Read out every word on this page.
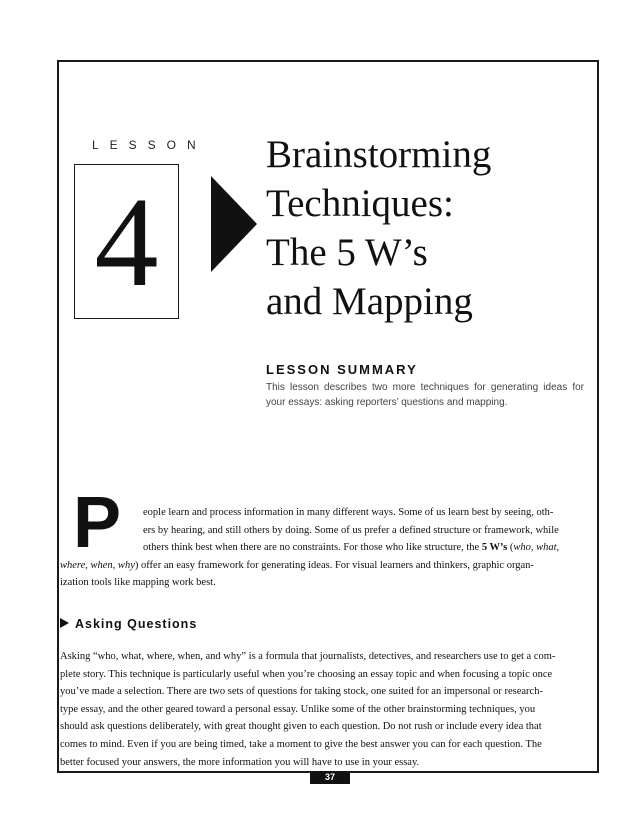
LESSON
4
Brainstorming
Techniques:
The 5 W’s
and Mapping
LESSON SUMMARY
This lesson describes two more techniques for generating ideas for your essays: asking reporters’ questions and mapping.
P	eople learn and process information in many different ways. Some of us learn best by seeing, oth-
ers by hearing, and still others by doing. Some of us prefer a defined structure or framework, while
others think best when there are no constraints. For those who like structure, the 5 W’s (who, what,
where, when, why) offer an easy framework for generating ideas. For visual learners and thinkers, graphic organ-
ization tools like mapping work best.
Asking Questions
Asking “who, what, where, when, and why” is a formula that journalists, detectives, and researchers use to get a com-
plete story. This technique is particularly useful when you’re choosing an essay topic and when focusing a topic once
you’ve made a selection. There are two sets of questions for taking stock, one suited for an impersonal or research-
type essay, and the other geared toward a personal essay. Unlike some of the other brainstorming techniques, you
should ask questions deliberately, with great thought given to each question. Do not rush or include every idea that
comes to mind. Even if you are being timed, take a moment to give the best answer you can for each question. The
better focused your answers, the more information you will have to use in your essay.
37
